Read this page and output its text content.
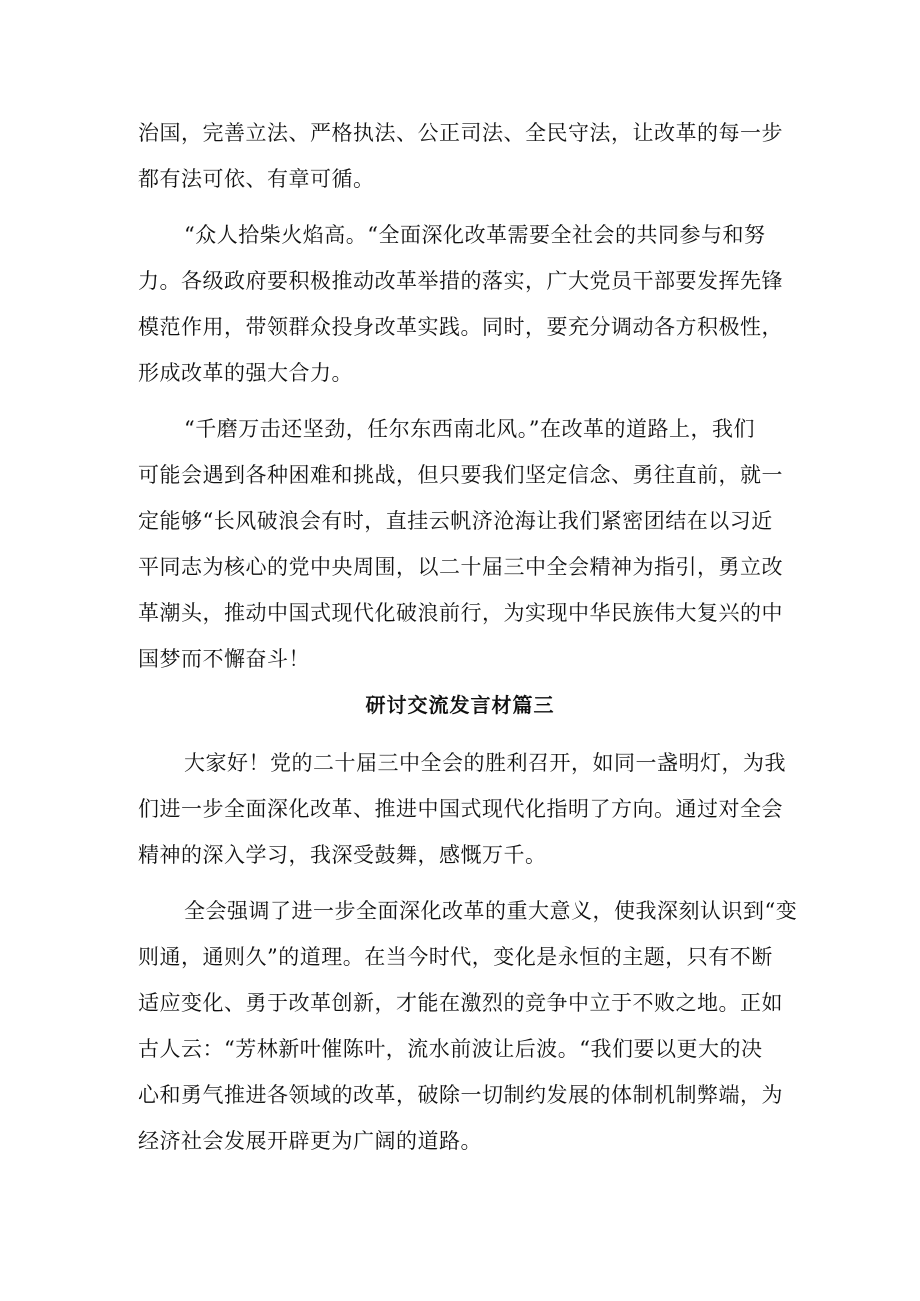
治国，完善立法、严格执法、公正司法、全民守法，让改革的每一步
都有法可依、有章可循。
“众人拾柴火焰高。“全面深化改革需要全社会的共同参与和努
力。各级政府要积极推动改革举措的落实，广大党员干部要发挥先锋
模范作用，带领群众投身改革实践。同时，要充分调动各方积极性，
形成改革的强大合力。
“千磨万击还坚劲，任尔东西南北风。”在改革的道路上，我们
可能会遇到各种困难和挑战，但只要我们坚定信念、勇往直前，就一
定能够“长风破浪会有时，直挂云帆济沧海让我们紧密团结在以习近
平同志为核心的党中央周围，以二十届三中全会精神为指引，勇立改
革潮头，推动中国式现代化破浪前行，为实现中华民族伟大复兴的中
国梦而不懈奋斗！
研讨交流发言材篇三
大家好！党的二十届三中全会的胜利召开，如同一盏明灯，为我
们进一步全面深化改革、推进中国式现代化指明了方向。通过对全会
精神的深入学习，我深受鼓舞，感慨万千。
全会强调了进一步全面深化改革的重大意义，使我深刻认识到“变
则通，通则久”的道理。在当今时代，变化是永恒的主题，只有不断
适应变化、勇于改革创新，才能在激烈的竞争中立于不败之地。正如
古人云：“芳林新叶催陈叶，流水前波让后波。“我们要以更大的决
心和勇气推进各领域的改革，破除一切制约发展的体制机制弊端，为
经济社会发展开辟更为广阔的道路。
